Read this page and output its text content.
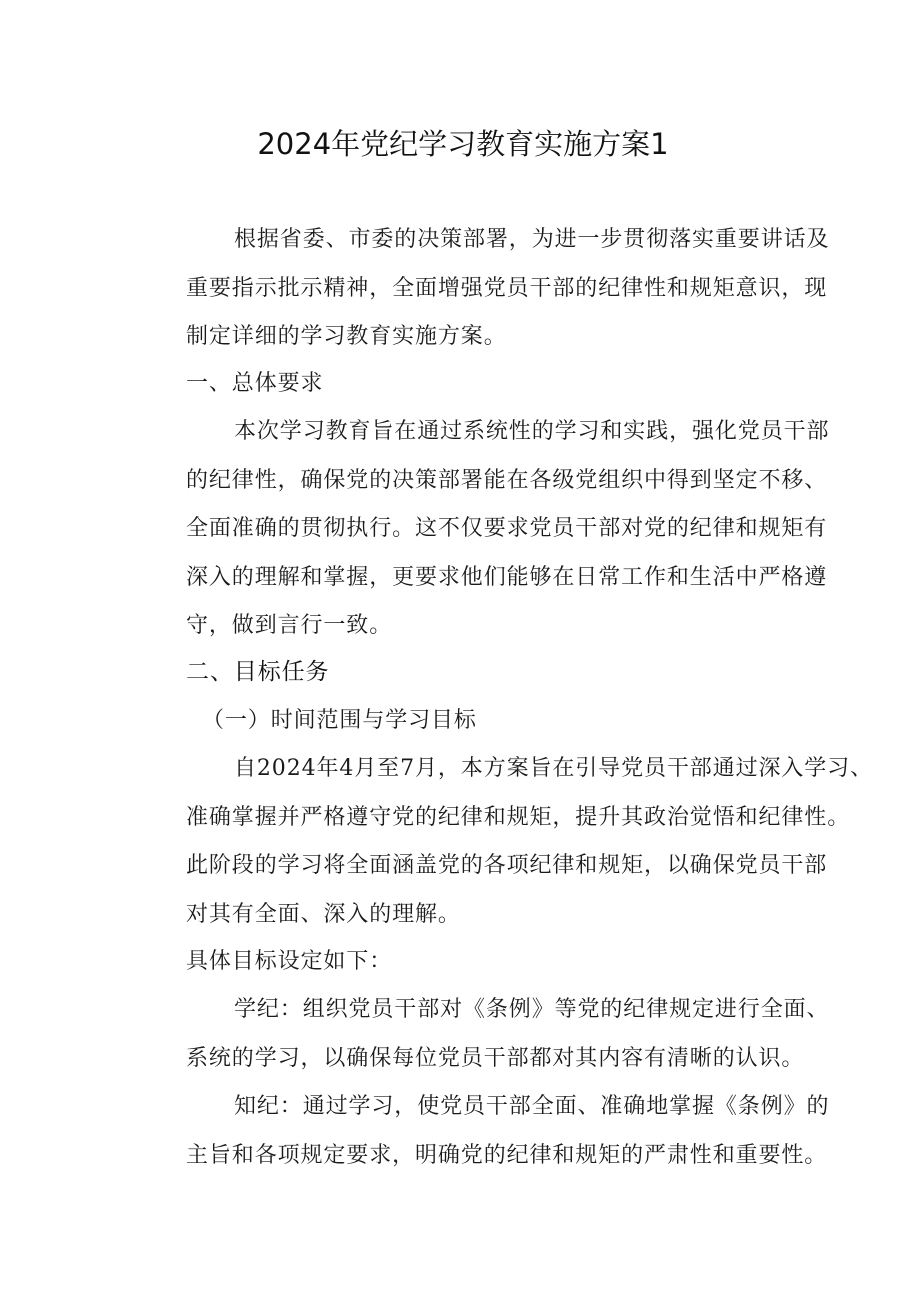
2024年党纪学习教育实施方案1
根据省委、市委的决策部署，为进一步贯彻落实重要讲话及
重要指示批示精神，全面增强党员干部的纪律性和规矩意识，现
制定详细的学习教育实施方案。
一、总体要求
本次学习教育旨在通过系统性的学习和实践，强化党员干部
的纪律性，确保党的决策部署能在各级党组织中得到坚定不移、
全面准确的贯彻执行。这不仅要求党员干部对党的纪律和规矩有
深入的理解和掌握，更要求他们能够在日常工作和生活中严格遵
守，做到言行一致。
二、目标任务
（一）时间范围与学习目标
自2024年4月至7月，本方案旨在引导党员干部通过深入学习、
准确掌握并严格遵守党的纪律和规矩，提升其政治觉悟和纪律性。
此阶段的学习将全面涵盖党的各项纪律和规矩，以确保党员干部
对其有全面、深入的理解。
具体目标设定如下：
学纪：组织党员干部对《条例》等党的纪律规定进行全面、
系统的学习，以确保每位党员干部都对其内容有清晰的认识。
知纪：通过学习，使党员干部全面、准确地掌握《条例》的
主旨和各项规定要求，明确党的纪律和规矩的严肃性和重要性。
